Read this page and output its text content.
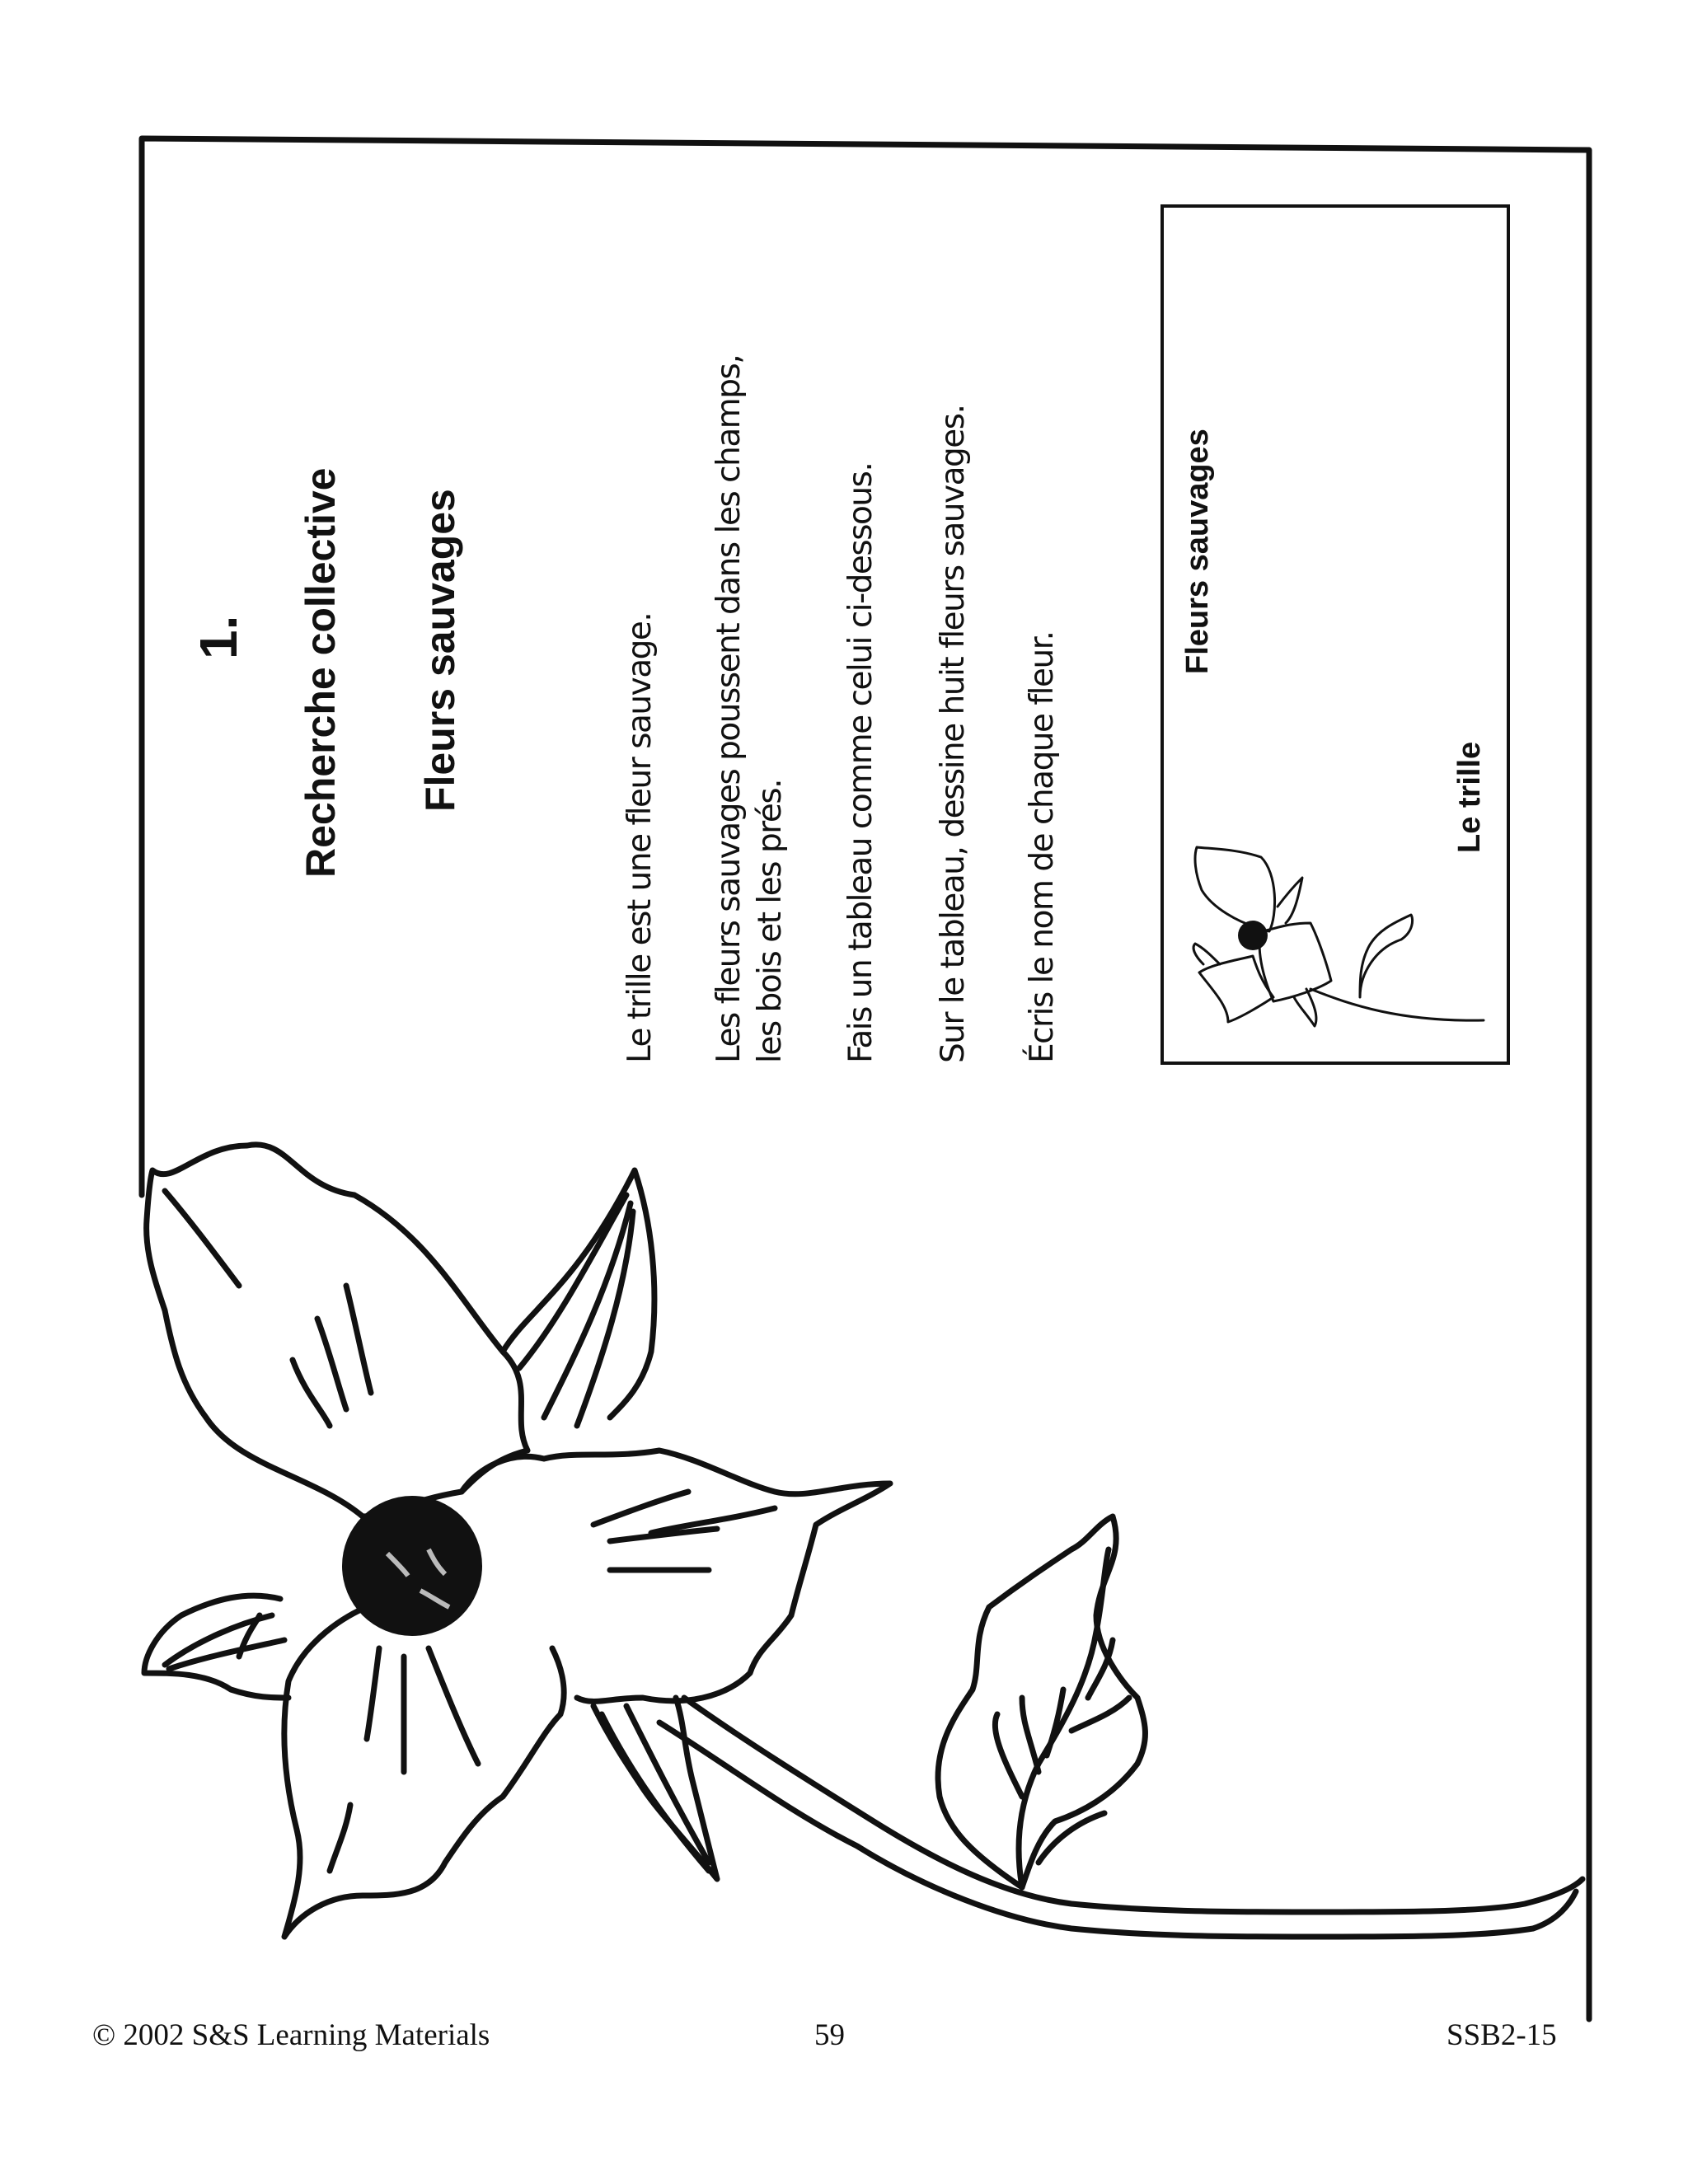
1. Recherche collective Fleurs sauvages	Le trille est une fleur sauvage. Les fleurs sauvages poussent dans les champs, les bois et les prés. Fais un tableau comme celui ci-dessous. Sur le tableau, dessine huit fleurs sauvages. Écris le nom de chaque fleur.
Fleurs sauvages
Le trille
© 2002 S&S Learning Materials	59	SSB2-15
